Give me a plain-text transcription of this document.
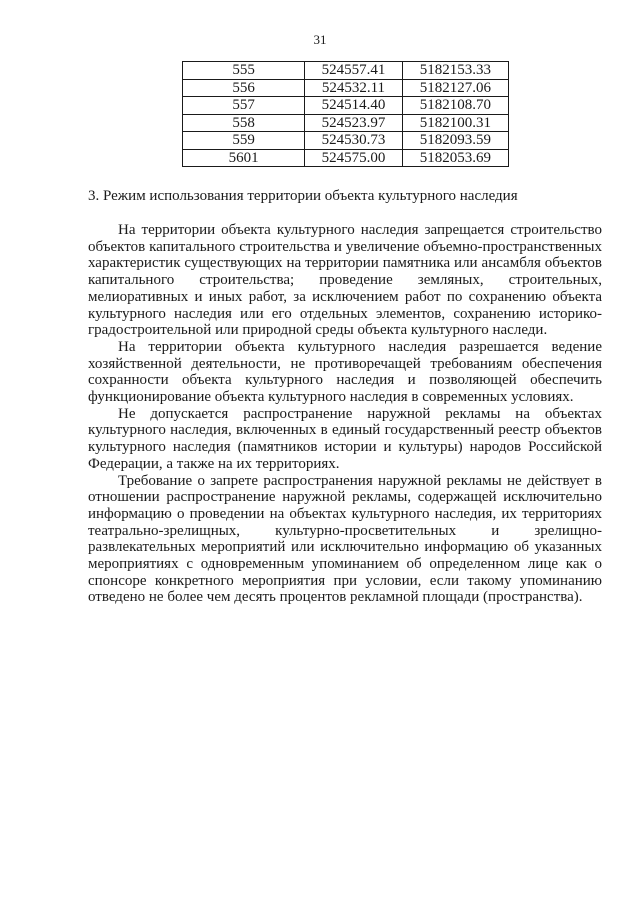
31
555	524557.41	5182153.33
556	524532.11	5182127.06
557	524514.40	5182108.70
558	524523.97	5182100.31
559	524530.73	5182093.59
5601	524575.00	5182053.69
3. Режим использования территории объекта культурного наследия

На территории объекта культурного наследия запрещается строительство объектов капитального строительства и увеличение объемно-пространственных характеристик существующих на территории памятника или ансамбля объектов капитального строительства; проведение земляных, строительных, мелиоративных и иных работ, за исключением работ по сохранению объекта культурного наследия или его отдельных элементов, сохранению историко-градостроительной или природной среды объекта культурного наследи.

На территории объекта культурного наследия разрешается ведение хозяйственной деятельности, не противоречащей требованиям обеспечения сохранности объекта культурного наследия и позволяющей обеспечить функционирование объекта культурного наследия в современных условиях.

Не допускается распространение наружной рекламы на объектах культурного наследия, включенных в единый государственный реестр объектов культурного наследия (памятников истории и культуры) народов Российской Федерации, а также на их территориях.

Требование о запрете распространения наружной рекламы не действует в отношении распространение наружной рекламы, содержащей исключительно информацию о проведении на объектах культурного наследия, их территориях театрально-зрелищных, культурно-просветительных и зрелищно-развлекательных мероприятий или исключительно информацию об указанных мероприятиях с одновременным упоминанием об определенном лице как о спонсоре конкретного мероприятия при условии, если такому упоминанию отведено не более чем десять процентов рекламной площади (пространства).
